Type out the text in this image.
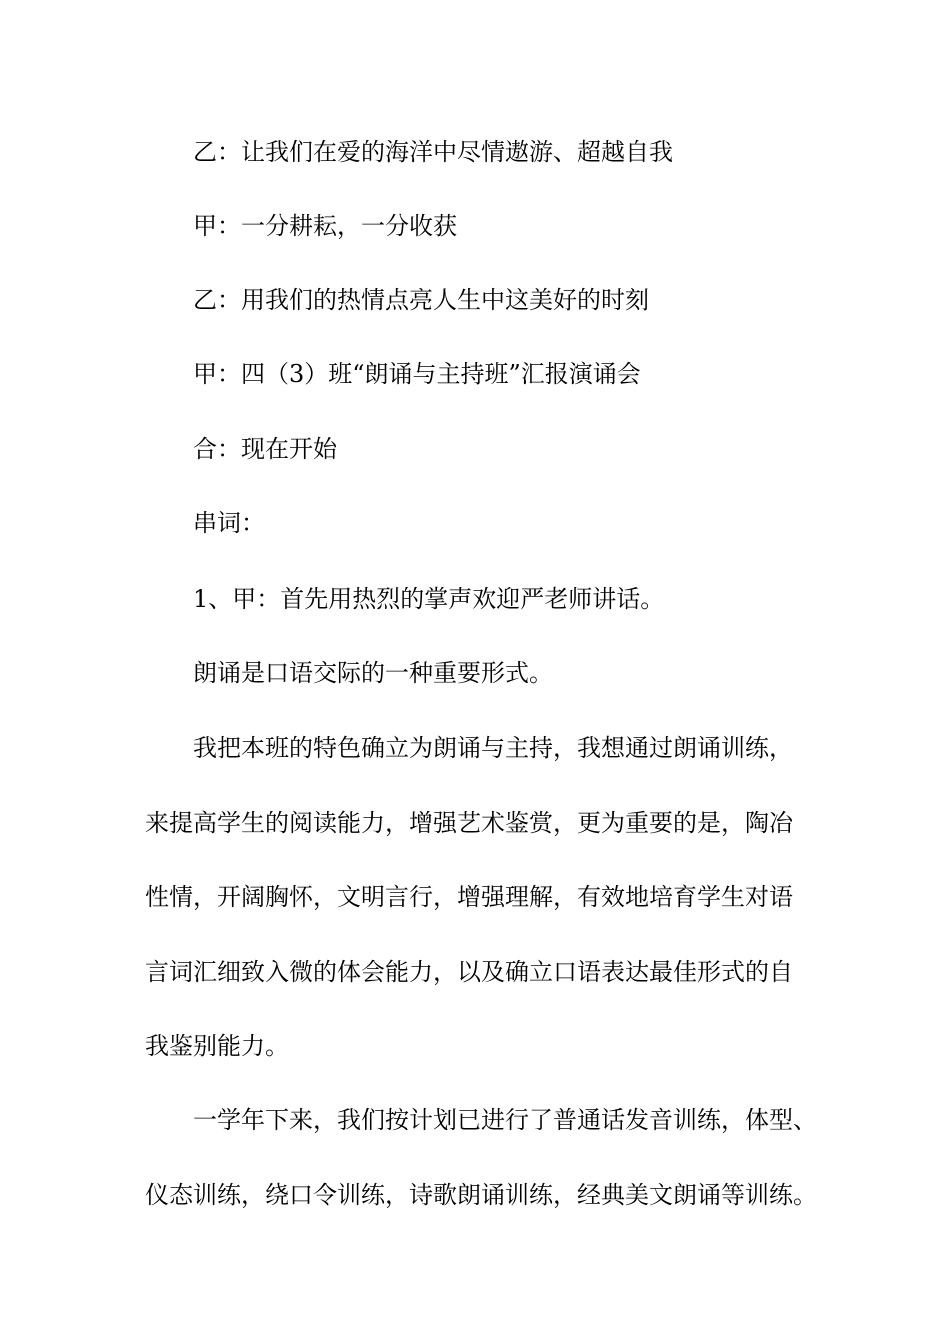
乙：让我们在爱的海洋中尽情遨游、超越自我
甲：一分耕耘，一分收获
乙：用我们的热情点亮人生中这美好的时刻
甲：四（3）班“朗诵与主持班”汇报演诵会
合：现在开始
串词：
1、甲：首先用热烈的掌声欢迎严老师讲话。
朗诵是口语交际的一种重要形式。
我把本班的特色确立为朗诵与主持，我想通过朗诵训练，
来提高学生的阅读能力，增强艺术鉴赏，更为重要的是，陶冶
性情，开阔胸怀，文明言行，增强理解，有效地培育学生对语
言词汇细致入微的体会能力，以及确立口语表达最佳形式的自
我鉴别能力。
一学年下来，我们按计划已进行了普通话发音训练，体型、
仪态训练，绕口令训练，诗歌朗诵训练，经典美文朗诵等训练。
